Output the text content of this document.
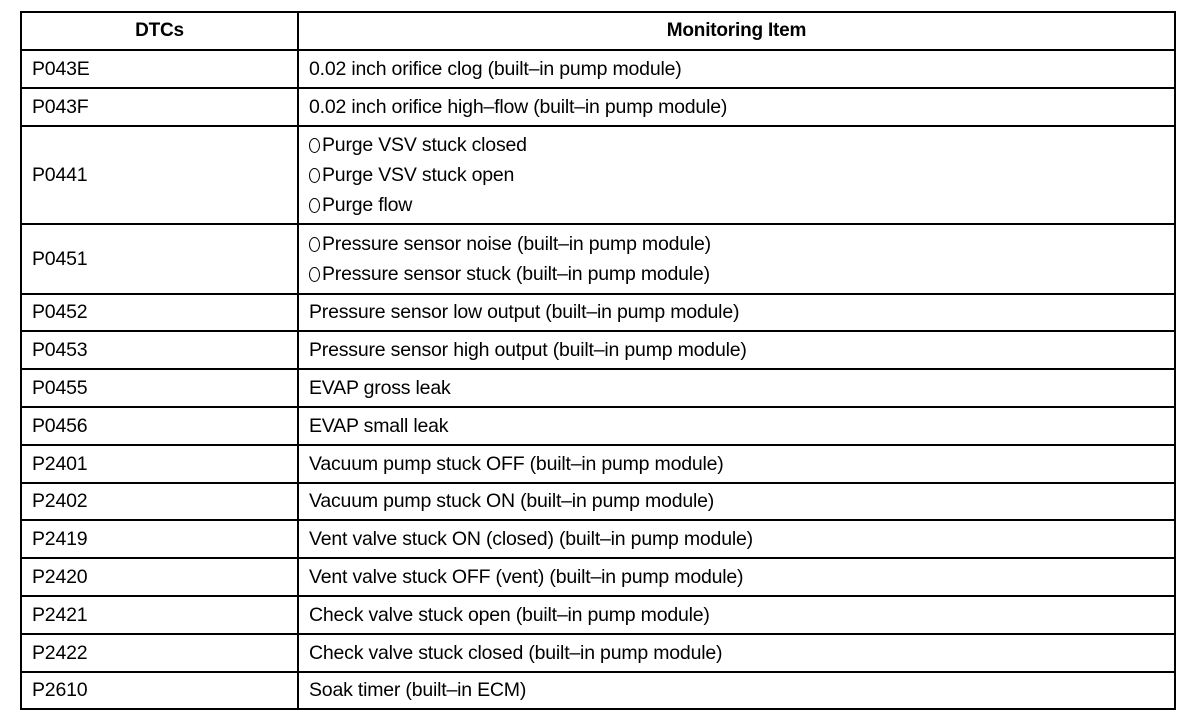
DTCs	Monitoring Item
P043E	0.02 inch orifice clog (built–in pump module)

P043F	0.02 inch orifice high–flow (built–in pump module)

P0441	Purge VSV stuck closed
Purge VSV stuck open
Purge flow

P0451	Pressure sensor noise (built–in pump module)
Pressure sensor stuck (built–in pump module)

P0452	Pressure sensor low output (built–in pump module)

P0453	Pressure sensor high output (built–in pump module)

P0455	EVAP gross leak

P0456	EVAP small leak

P2401	Vacuum pump stuck OFF (built–in pump module)

P2402	Vacuum pump stuck ON (built–in pump module)

P2419	Vent valve stuck ON (closed) (built–in pump module)

P2420	Vent valve stuck OFF (vent) (built–in pump module)

P2421	Check valve stuck open (built–in pump module)

P2422	Check valve stuck closed (built–in pump module)

P2610	Soak timer (built–in ECM)
